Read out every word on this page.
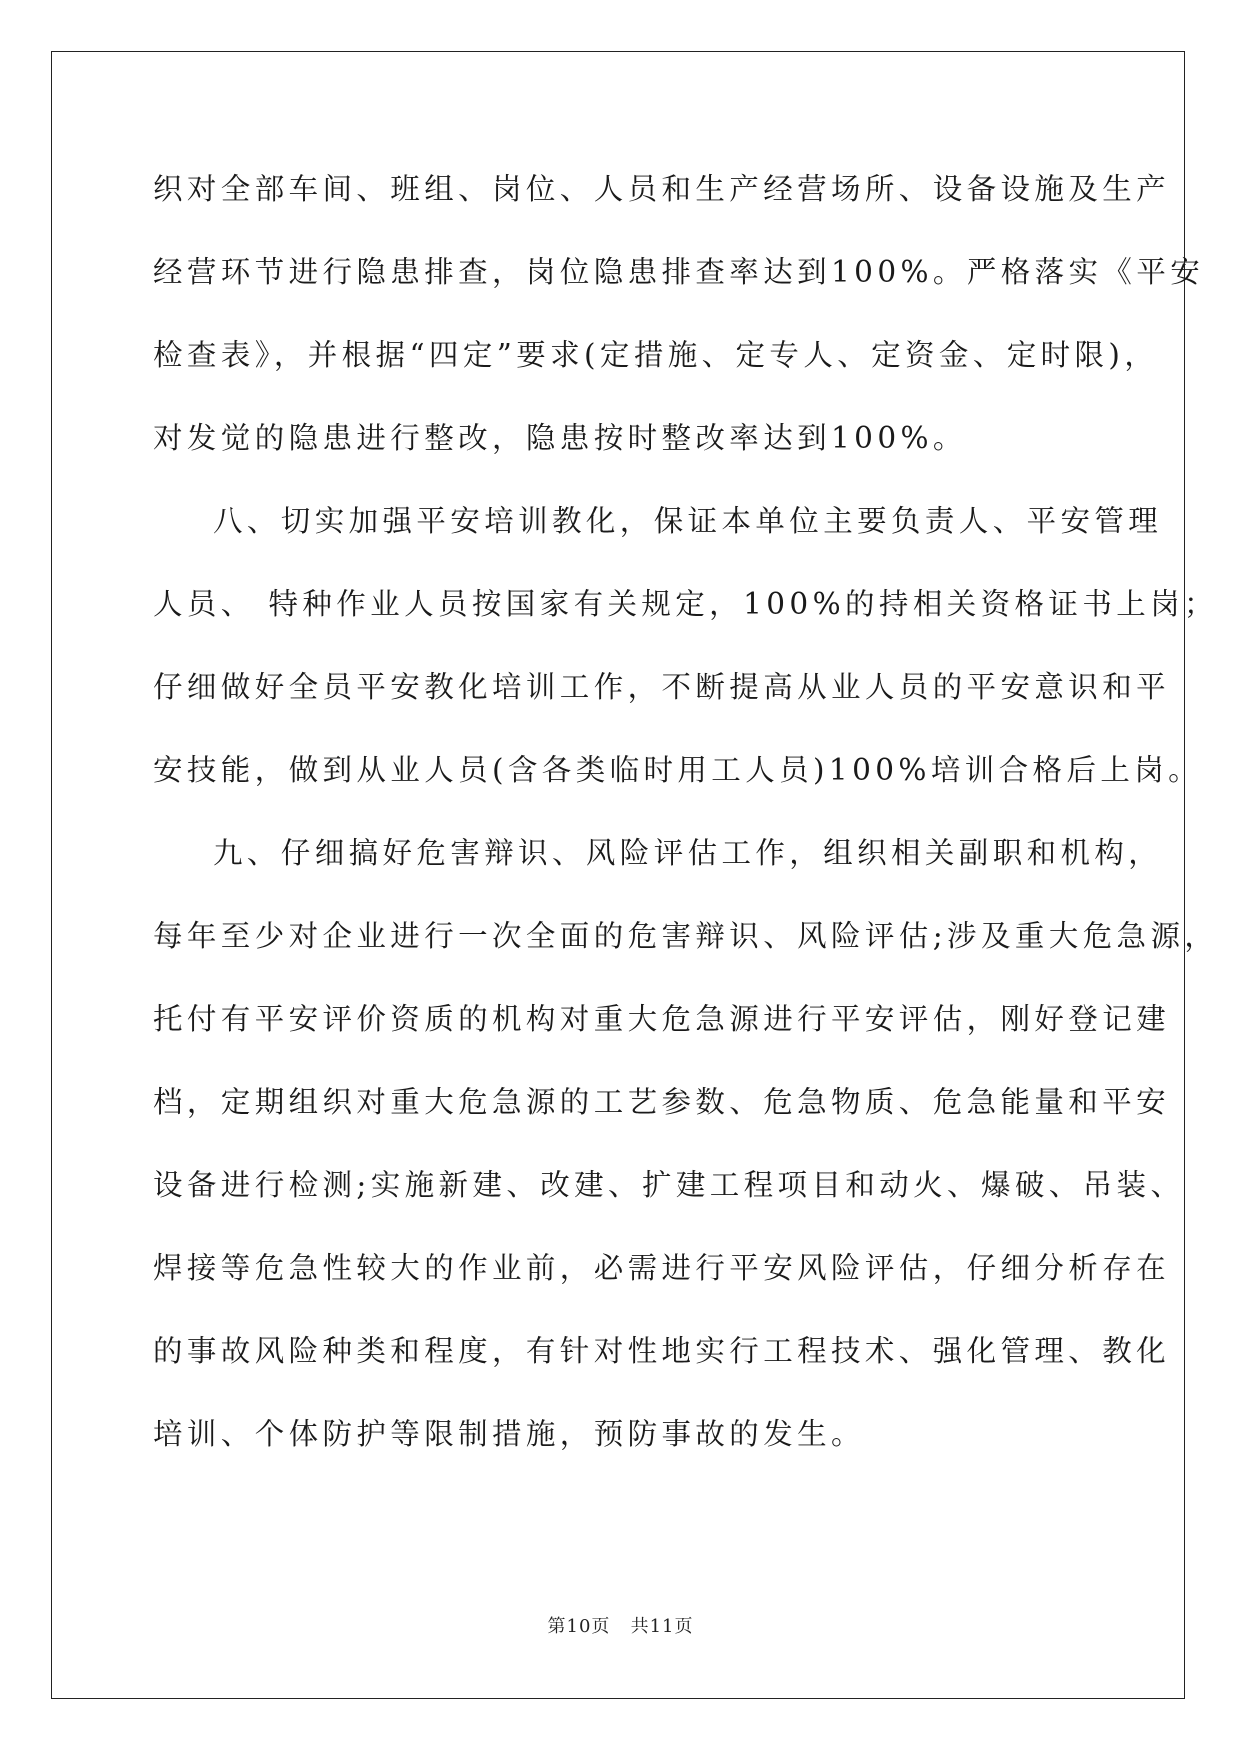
织对全部车间、班组、岗位、人员和生产经营场所、设备设施及生产
经营环节进行隐患排查，岗位隐患排查率达到100%。严格落实《平安
检查表》，并根据“四定”要求(定措施、定专人、定资金、定时限)，
对发觉的隐患进行整改，隐患按时整改率达到100%。
八、切实加强平安培训教化，保证本单位主要负责人、平安管理
人员、 特种作业人员按国家有关规定，100%的持相关资格证书上岗；
仔细做好全员平安教化培训工作，不断提高从业人员的平安意识和平
安技能，做到从业人员(含各类临时用工人员)100%培训合格后上岗。
九、仔细搞好危害辩识、风险评估工作，组织相关副职和机构，
每年至少对企业进行一次全面的危害辩识、风险评估;涉及重大危急源，
托付有平安评价资质的机构对重大危急源进行平安评估，刚好登记建
档，定期组织对重大危急源的工艺参数、危急物质、危急能量和平安
设备进行检测;实施新建、改建、扩建工程项目和动火、爆破、吊装、
焊接等危急性较大的作业前，必需进行平安风险评估，仔细分析存在
的事故风险种类和程度，有针对性地实行工程技术、强化管理、教化
培训、个体防护等限制措施，预防事故的发生。
第10页   共11页
